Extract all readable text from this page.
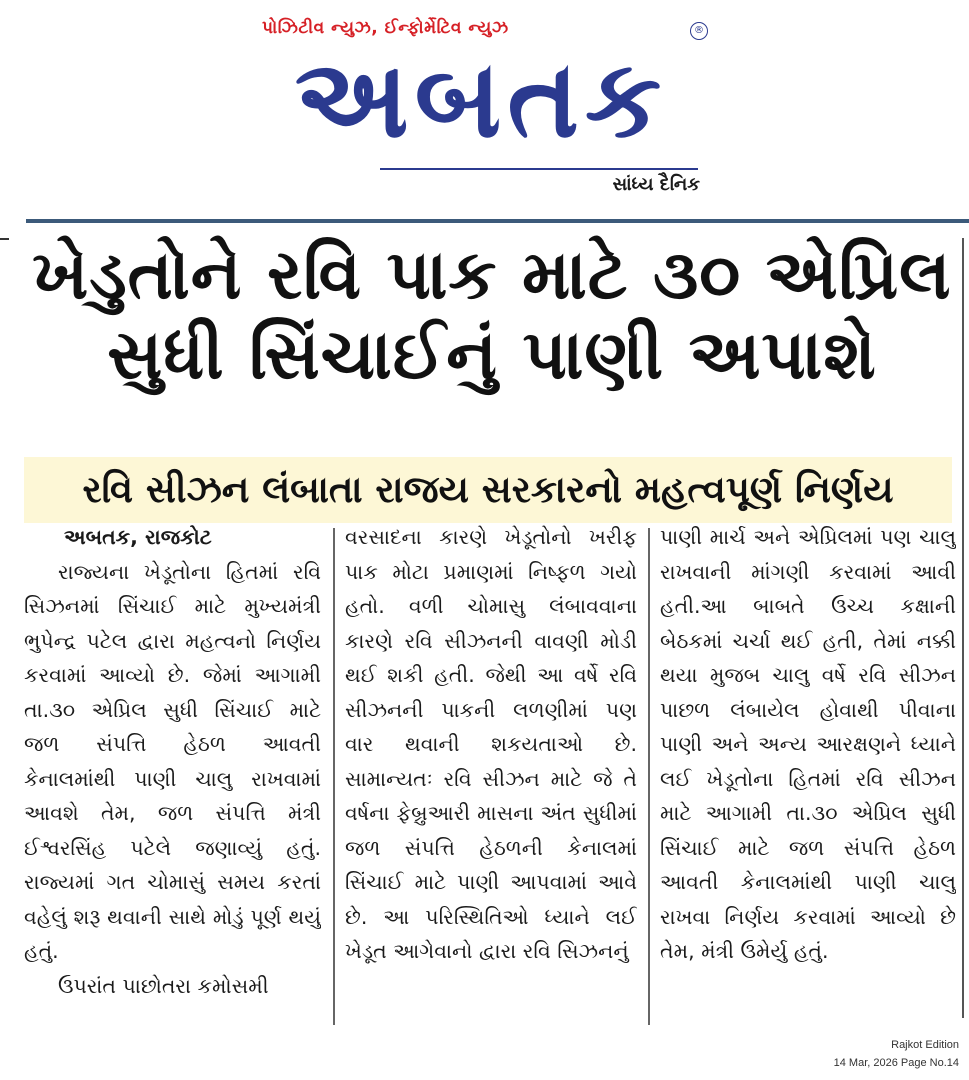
પોઝિટીવ ન્યુઝ, ઈન્ફોર્મેટિવ ન્યુઝ
અબતક
®
સાંધ્ય દૈનિક
ખેડુતોને રવિ પાક માટે ૩૦ એપ્રિલ
સુધી સિંચાઈનું પાણી અપાશે
રવિ સીઝન લંબાતા રાજય સરકારનો મહત્વપૂર્ણ નિર્ણય
અબતક, રાજકોટ

રાજ્યના ખેડૂતોના હિતમાં રવિ સિઝનમાં સિંચાઈ માટે મુખ્યમંત્રી ભુપેન્દ્ર પટેલ દ્વારા મહત્વનો નિર્ણય કરવામાં આવ્યો છે. જેમાં આગામી તા.૩૦ એપ્રિલ સુધી સિંચાઈ માટે જળ સંપત્તિ હેઠળ આવતી કેનાલમાંથી પાણી ચાલુ રાખવામાં આવશે તેમ, જળ સંપત્તિ મંત્રી ઈશ્વરસિંહ પટેલે જણાવ્યું હતું. રાજ્યમાં ગત ચોમાસું સમય કરતાં વહેલું શરૂ થવાની સાથે મોડું પૂર્ણ થયું હતું.

ઉપરાંત પાછોતરા કમોસમી

વરસાદના કારણે ખેડૂતોનો ખરીફ પાક મોટા પ્રમાણમાં નિષ્ફળ ગયો હતો. વળી ચોમાસુ લંબાવવાના કારણે રવિ સીઝનની વાવણી મોડી થઈ શકી હતી. જેથી આ વર્ષે રવિ સીઝનની પાકની લળણીમાં પણ વાર થવાની શકયતાઓ છે. સામાન્યતઃ રવિ સીઝન માટે જે તે વર્ષના ફેબ્રુઆરી માસના અંત સુધીમાં જળ સંપત્તિ હેઠળની કેનાલમાં સિંચાઈ માટે પાણી આપવામાં આવે છે. આ પરિસ્થિતિઓ ધ્યાને લઈ ખેડૂત આગેવાનો દ્વારા રવિ સિઝનનું

પાણી માર્ચ અને એપ્રિલમાં પણ ચાલુ રાખવાની માંગણી કરવામાં આવી હતી.આ બાબતે ઉચ્ચ કક્ષાની બેઠકમાં ચર્ચા થઈ હતી, તેમાં નક્કી થયા મુજબ ચાલુ વર્ષે રવિ સીઝન પાછળ લંબાયેલ હોવાથી પીવાના પાણી અને અન્ય આરક્ષણને ધ્યાને લઈ ખેડૂતોના હિતમાં રવિ સીઝન માટે આગામી તા.૩૦ એપ્રિલ સુધી સિંચાઈ માટે જળ સંપત્તિ હેઠળ આવતી કેનાલમાંથી પાણી ચાલુ રાખવા નિર્ણય કરવામાં આવ્યો છે તેમ, મંત્રી ઉમેર્યુ હતું.

Rajkot Edition
14 Mar, 2026 Page No.14
